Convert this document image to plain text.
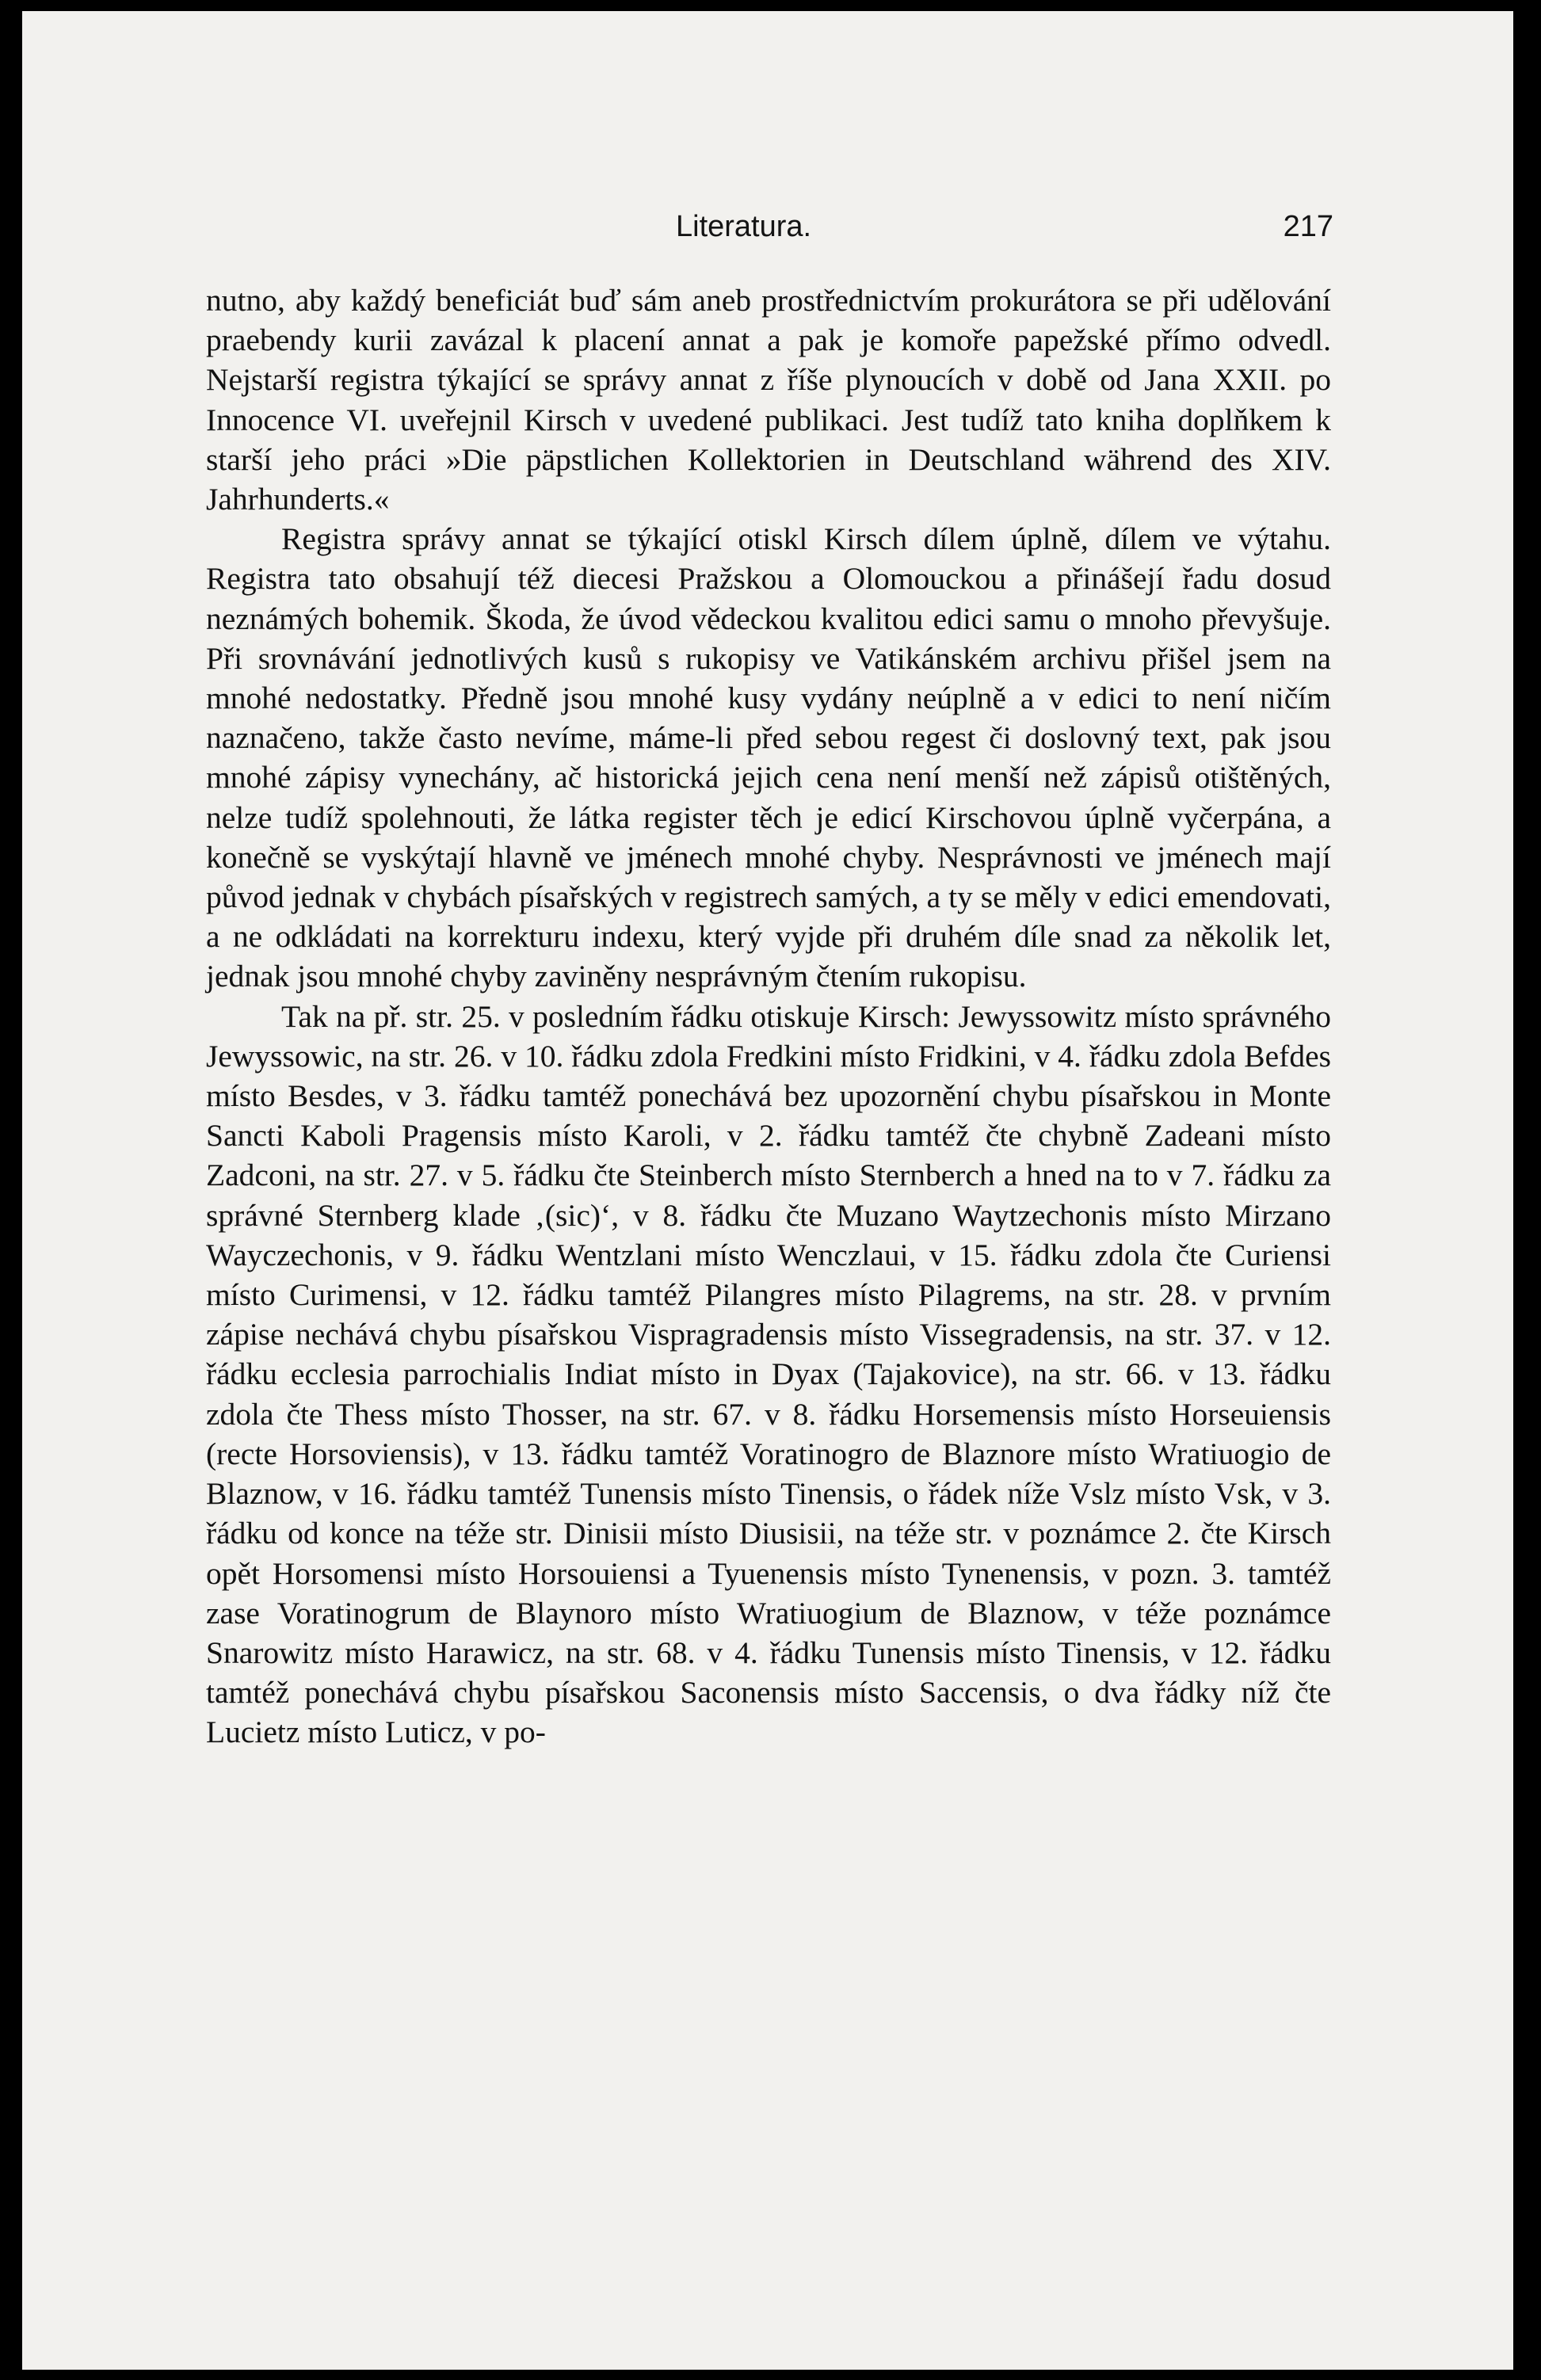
Literatura.	217

nutno, aby každý beneficiát buď sám aneb prostřednictvím prokurátora se při udělování praebendy kurii zavázal k placení annat a pak je komoře papežské přímo odvedl. Nejstarší registra týkající se správy annat z říše plynoucích v době od Jana XXII. po Innocence VI. uveřejnil Kirsch v uvedené publikaci. Jest tudíž tato kniha doplňkem k starší jeho práci »Die päpstlichen Kollektorien in Deutschland während des XIV. Jahrhunderts.«

Registra správy annat se týkající otiskl Kirsch dílem úplně, dílem ve výtahu. Registra tato obsahují též diecesi Pražskou a Olomouckou a přinášejí řadu dosud neznámých bohemik. Škoda, že úvod vědeckou kvalitou edici samu o mnoho převyšuje. Při srovnávání jednotlivých kusů s rukopisy ve Vatikánském archivu přišel jsem na mnohé nedostatky. Předně jsou mnohé kusy vydány neúplně a v edici to není ničím naznačeno, takže často nevíme, máme-li před sebou regest či doslovný text, pak jsou mnohé zápisy vynechány, ač historická jejich cena není menší než zápisů otištěných, nelze tudíž spolehnouti, že látka register těch je edicí Kirschovou úplně vyčerpána, a konečně se vyskýtají hlavně ve jménech mnohé chyby. Nesprávnosti ve jménech mají původ jednak v chybách písařských v registrech samých, a ty se měly v edici emendovati, a ne odkládati na korrekturu indexu, který vyjde při druhém díle snad za několik let, jednak jsou mnohé chyby zaviněny nesprávným čtením rukopisu.

Tak na př. str. 25. v posledním řádku otiskuje Kirsch: Jewyssowitz místo správného Jewyssowic, na str. 26. v 10. řádku zdola Fredkini místo Fridkini, v 4. řádku zdola Befdes místo Besdes, v 3. řádku tamtéž ponechává bez upozornění chybu písařskou in Monte Sancti Kaboli Pragensis místo Karoli, v 2. řádku tamtéž čte chybně Zadeani místo Zadconi, na str. 27. v 5. řádku čte Steinberch místo Sternberch a hned na to v 7. řádku za správné Sternberg klade ‚(sic)‘, v 8. řádku čte Muzano Waytzechonis místo Mirzano Wayczechonis, v 9. řádku Wentzlani místo Wenczlaui, v 15. řádku zdola čte Curiensi místo Curimensi, v 12. řádku tamtéž Pilangres místo Pilagrems, na str. 28. v prvním zápise nechává chybu písařskou Vispragradensis místo Vissegradensis, na str. 37. v 12. řádku ecclesia parrochialis Indiat místo in Dyax (Tajakovice), na str. 66. v 13. řádku zdola čte Thess místo Thosser, na str. 67. v 8. řádku Horsemensis místo Horseuiensis (recte Horsoviensis), v 13. řádku tamtéž Voratinogro de Blaznore místo Wratiuogio de Blaznow, v 16. řádku tamtéž Tunensis místo Tinensis, o řádek níže Vslz místo Vsk, v 3. řádku od konce na téže str. Dinisii místo Diusisii, na téže str. v poznámce 2. čte Kirsch opět Horsomensi místo Horsouiensi a Tyuenensis místo Tynenensis, v pozn. 3. tamtéž zase Voratinogrum de Blaynoro místo Wratiuogium de Blaznow, v téže poznámce Snarowitz místo Harawicz, na str. 68. v 4. řádku Tunensis místo Tinensis, v 12. řádku tamtéž ponechává chybu písařskou Saconensis místo Saccensis, o dva řádky níž čte Lucietz místo Luticz, v po-
